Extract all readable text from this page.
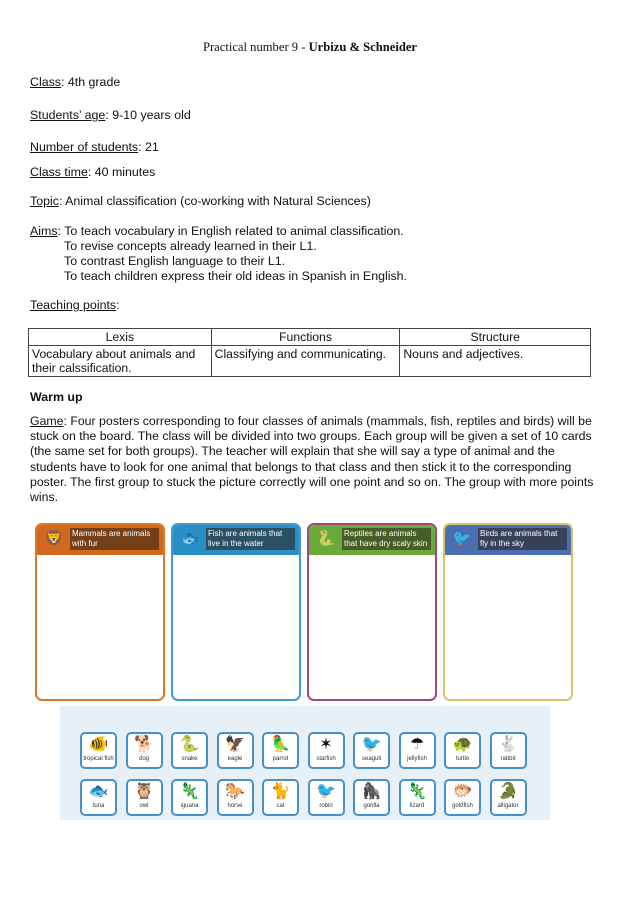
Practical number 9 - Urbizu & Schneider
Class: 4th grade
Students’ age: 9-10 years old
Number of students: 21
Class time: 40 minutes
Topic: Animal classification (co-working with Natural Sciences)
Aims: To teach vocabulary in English related to animal classification.
To revise concepts already learned in their L1.
To contrast English language to their L1.
To teach children express their old ideas in Spanish in English.
Teaching points:
Lexis	Functions	Structure
Vocabulary about animals and their calssification.	Classifying and communicating.	Nouns and adjectives.
Warm up
Game: Four posters corresponding to four classes of animals (mammals, fish, reptiles and birds) will be stuck on the board. The class will be divided into two groups. Each group will be given a set of 10 cards (the same set for both groups). The teacher will explain that she will say a type of animal and the students have to look for one animal that belongs to that class and then stick it to the corresponding poster. The first group to stuck the picture correctly will one point and so on. The group with more points wins.
🦁	Mammals are animals with fur	🐟	Fish are animals that live in the water	🐍	Reptiles are animals that have dry scaly skin 🐦	Birds are animals that fly in the sky
🐠
tropical fish
🐕
dog
🐍
snake
🦅
eagle
🦜
parrot
✶
starfish
🐦
seagull
☂
jellyfish
🐢
turtle
🐇
rabbit
🐟
tuna
🦉
owl
🦎
iguana
🐎
horse
🐈
cat
🐦
robin
🦍
gorilla
🦎
lizard
🐡
goldfish
🐊
alligator
